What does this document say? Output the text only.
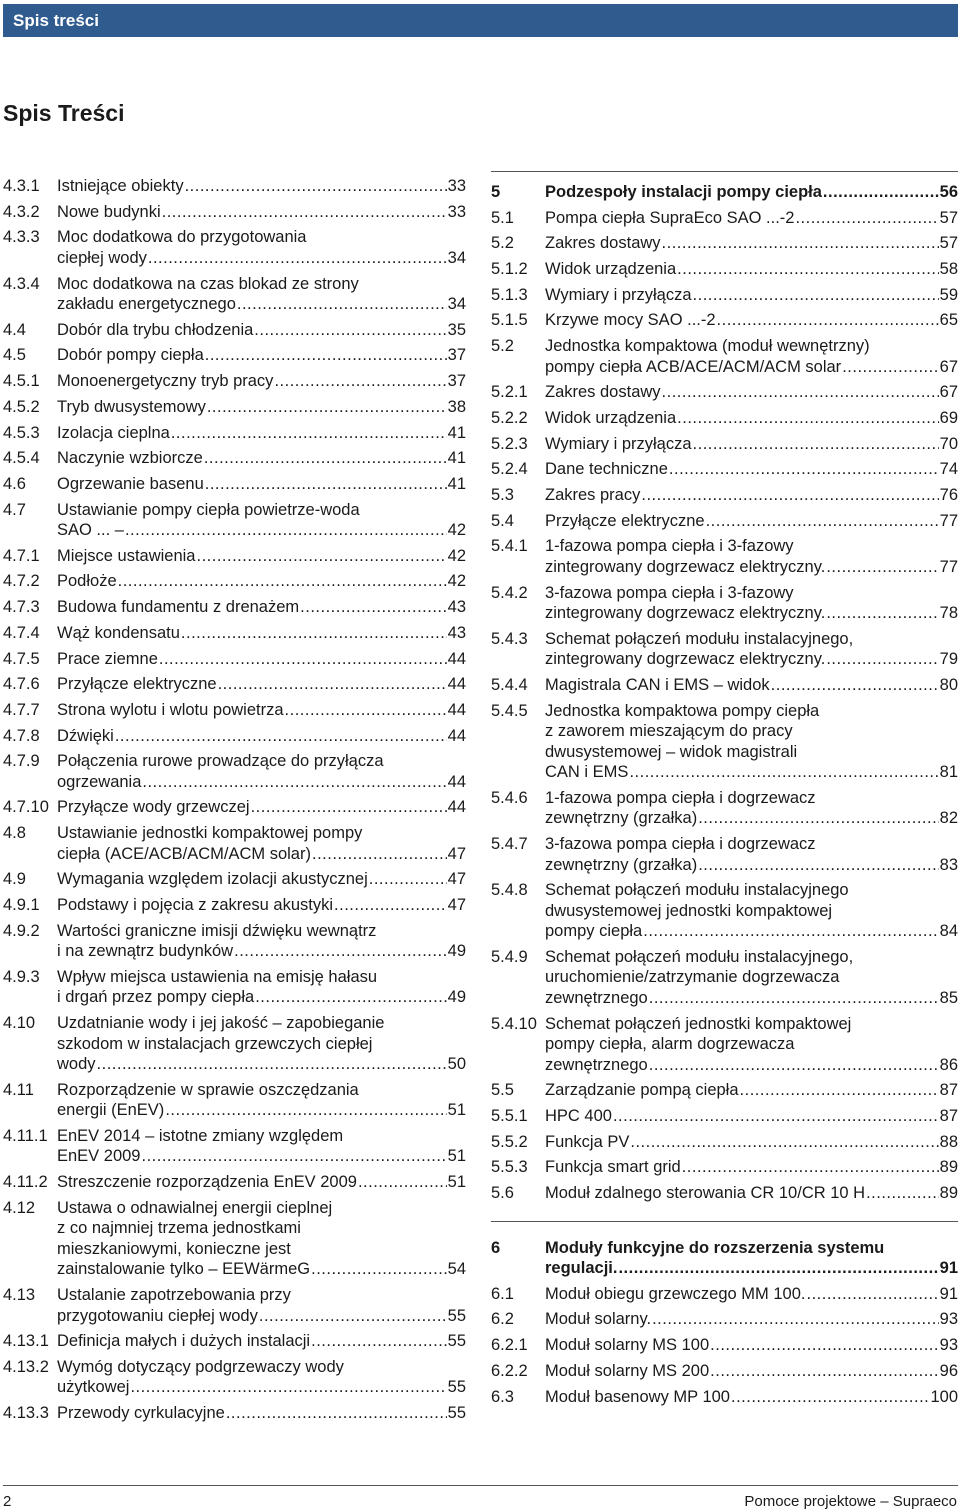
Spis treści
Spis Treści
4.3.1 Istniejące obiekty .....	33
4.3.2 Nowe budynki .....	33
4.3.3 Moc dodatkowa do przygotowania
ciepłej wody .....	34
4.3.4 Moc dodatkowa na czas blokad ze strony
zakładu energetycznego .....	34
4.4 Dobór dla trybu chłodzenia .....	35
4.5 Dobór pompy ciepła .....	37
4.5.1 Monoenergetyczny tryb pracy .....	37
4.5.2 Tryb dwusystemowy .....	38
4.5.3 Izolacja cieplna .....	41
4.5.4 Naczynie wzbiorcze .....	41
4.6 Ogrzewanie basenu .....	41
4.7 Ustawianie pompy ciepła powietrze-woda
SAO ... – .....	42
4.7.1 Miejsce ustawienia .....	42
4.7.2 Podłoże .....	42
4.7.3 Budowa fundamentu z drenażem .....	43
4.7.4 Wąż kondensatu .....	43
4.7.5 Prace ziemne .....	44
4.7.6 Przyłącze elektryczne .....	44
4.7.7 Strona wylotu i wlotu powietrza .....	44
4.7.8 Dźwięki .....	44
4.7.9 Połączenia rurowe prowadzące do przyłącza
ogrzewania .....	44
4.7.10 Przyłącze wody grzewczej .....	44
4.8 Ustawianie jednostki kompaktowej pompy
ciepła (ACE/ACB/ACM/ACM solar) .....	47
4.9 Wymagania względem izolacji akustycznej .....	47
4.9.1 Podstawy i pojęcia z zakresu akustyki .....	47
4.9.2 Wartości graniczne imisji dźwięku wewnątrz
i na zewnątrz budynków .....	49
4.9.3 Wpływ miejsca ustawienia na emisję hałasu
i drgań przez pompy ciepła .....	49
4.10 Uzdatnianie wody i jej jakość – zapobieganie
szkodom w instalacjach grzewczych ciepłej
wody .....	50
4.11 Rozporządzenie w sprawie oszczędzania
energii (EnEV) .....	51
4.11.1 EnEV 2014 – istotne zmiany względem
EnEV 2009 .....	51
4.11.2 Streszczenie rozporządzenia EnEV 2009 .....	51
4.12 Ustawa o odnawialnej energii cieplnej
z co najmniej trzema jednostkami
mieszkaniowymi, konieczne jest
zainstalowanie tylko – EEWärmeG .....	54
4.13 Ustalanie zapotrzebowania przy
przygotowaniu ciepłej wody .....	55
4.13.1 Definicja małych i dużych instalacji .....	55
4.13.2 Wymóg dotyczący podgrzewaczy wody
użytkowej .....	55
4.13.3 Przewody cyrkulacyjne .....	55
5	Podzespoły instalacji pompy ciepła .....	56
5.1 Pompa ciepła SupraEco SAO ...-2 .....	57
5.2 Zakres dostawy .....	57
5.1.2 Widok urządzenia .....	58
5.1.3 Wymiary i przyłącza .....	59
5.1.5 Krzywe mocy SAO ...-2 .....	65
5.2 Jednostka kompaktowa (moduł wewnętrzny)
pompy ciepła ACB/ACE/ACM/ACM solar .....	67
5.2.1 Zakres dostawy .....	67
5.2.2 Widok urządzenia .....	69
5.2.3 Wymiary i przyłącza .....	70
5.2.4 Dane techniczne .....	74
5.3 Zakres pracy .....	76
5.4 Przyłącze elektryczne .....	77
5.4.1 1-fazowa pompa ciepła i 3-fazowy
zintegrowany dogrzewacz elektryczny. .....	77
5.4.2 3-fazowa pompa ciepła i 3-fazowy
zintegrowany dogrzewacz elektryczny. .....	78
5.4.3 Schemat połączeń modułu instalacyjnego,
zintegrowany dogrzewacz elektryczny. .....	79
5.4.4 Magistrala CAN i EMS – widok .....	80
5.4.5 Jednostka kompaktowa pompy ciepła
z zaworem mieszającym do pracy
dwusystemowej – widok magistrali
CAN i EMS .....	81
5.4.6 1-fazowa pompa ciepła i dogrzewacz
zewnętrzny (grzałka) .....	82
5.4.7 3-fazowa pompa ciepła i dogrzewacz
zewnętrzny (grzałka) .....	83
5.4.8 Schemat połączeń modułu instalacyjnego
dwusystemowej jednostki kompaktowej
pompy ciepła .....	84
5.4.9 Schemat połączeń modułu instalacyjnego,
uruchomienie/zatrzymanie dogrzewacza
zewnętrznego .....	85
5.4.10 Schemat połączeń jednostki kompaktowej
pompy ciepła, alarm dogrzewacza
zewnętrznego .....	86
5.5 Zarządzanie pompą ciepła .....	87
5.5.1 HPC 400 .....	87
5.5.2 Funkcja PV .....	88
5.5.3 Funkcja smart grid .....	89
5.6 Moduł zdalnego sterowania CR 10/CR 10 H .....	89
6	Moduły funkcyjne do rozszerzenia systemu
regulacji. .....	91
6.1 Moduł obiegu grzewczego MM 100. .....	91
6.2 Moduł solarny. .....	93
6.2.1 Moduł solarny MS 100 .....	93
6.2.2 Moduł solarny MS 200 .....	96
6.3 Moduł basenowy MP 100 .....	100
2	Pomoce projektowe – Supraeco
